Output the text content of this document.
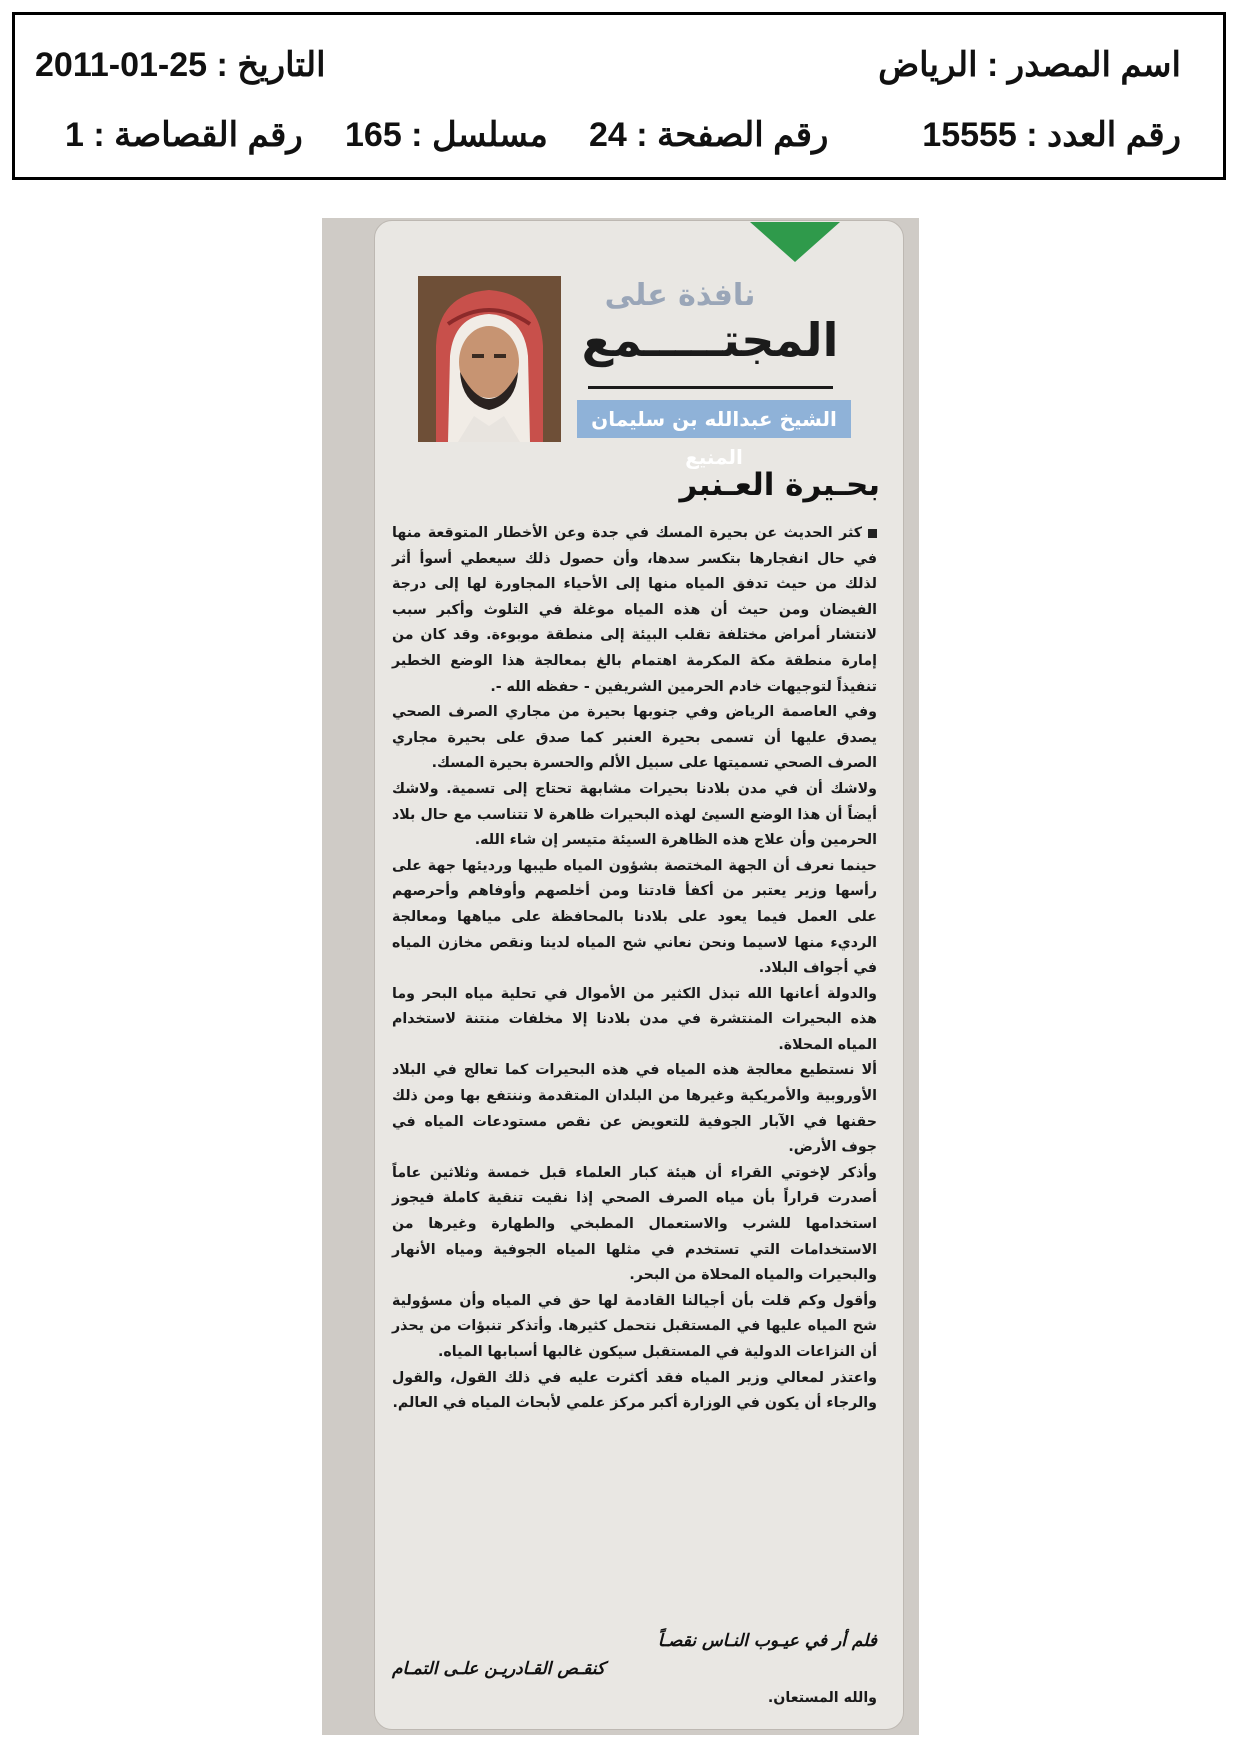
اسم المصدر : الرياض
التاريخ : 25-01-2011
رقم العدد : 15555
رقم الصفحة : 24
مسلسل : 165
رقم القصاصة : 1
نافذة على
المجتـــــمع
الشيخ عبدالله بن سليمان المنيع
بحـيرة العـنبر

كثر الحديث عن بحيرة المسك في جدة وعن الأخطار المتوقعة منها في حال انفجارها بتكسر سدها، وأن حصول ذلك سيعطي أسوأ أثر لذلك من حيث تدفق المياه منها إلى الأحياء المجاورة لها إلى درجة الفيضان ومن حيث أن هذه المياه موغلة في التلوث وأكبر سبب لانتشار أمراض مختلفة تقلب البيئة إلى منطقة موبوءة. وقد كان من إمارة منطقة مكة المكرمة اهتمام بالغ بمعالجة هذا الوضع الخطير تنفيذاً لتوجيهات خادم الحرمين الشريفين - حفظه الله -.

وفي العاصمة الرياض وفي جنوبها بحيرة من مجاري الصرف الصحي يصدق عليها أن تسمى بحيرة العنبر كما صدق على بحيرة مجاري الصرف الصحي تسميتها على سبيل الألم والحسرة بحيرة المسك.

ولاشك أن في مدن بلادنا بحيرات مشابهة تحتاج إلى تسمية. ولاشك أيضاً أن هذا الوضع السيئ لهذه البحيرات ظاهرة لا تتناسب مع حال بلاد الحرمين وأن علاج هذه الظاهرة السيئة متيسر إن شاء الله.

حينما نعرف أن الجهة المختصة بشؤون المياه طيبها ورديئها جهة على رأسها وزير يعتبر من أكفأ قادتنا ومن أخلصهم وأوفاهم وأحرصهم على العمل فيما يعود على بلادنا بالمحافظة على مياهها ومعالجة الرديء منها لاسيما ونحن نعاني شح المياه لدينا ونقص مخازن المياه في أجواف البلاد.

والدولة أعانها الله تبذل الكثير من الأموال في تحلية مياه البحر وما هذه البحيرات المنتشرة في مدن بلادنا إلا مخلفات منتنة لاستخدام المياه المحلاة.

ألا نستطيع معالجة هذه المياه في هذه البحيرات كما تعالج في البلاد الأوروبية والأمريكية وغيرها من البلدان المتقدمة وننتفع بها ومن ذلك حقنها في الآبار الجوفية للتعويض عن نقص مستودعات المياه في جوف الأرض.

وأذكر لإخوتي القراء أن هيئة كبار العلماء قبل خمسة وثلاثين عاماً أصدرت قراراً بأن مياه الصرف الصحي إذا نقيت تنقية كاملة فيجوز استخدامها للشرب والاستعمال المطبخي والطهارة وغيرها من الاستخدامات التي تستخدم في مثلها المياه الجوفية ومياه الأنهار والبحيرات والمياه المحلاة من البحر.

وأقول وكم قلت بأن أجيالنا القادمة لها حق في المياه وأن مسؤولية شح المياه عليها في المستقبل نتحمل كثيرها. وأتذكر تنبؤات من يحذر أن النزاعات الدولية في المستقبل سيكون غالبها أسبابها المياه.

واعتذر لمعالي وزير المياه فقد أكثرت عليه في ذلك القول، والقول والرجاء أن يكون في الوزارة أكبر مركز علمي لأبحاث المياه في العالم.

فلم أر في عيـوب النـاس نقصـاً
كنقـص القـادريـن علـى التمـام
والله المستعان.
